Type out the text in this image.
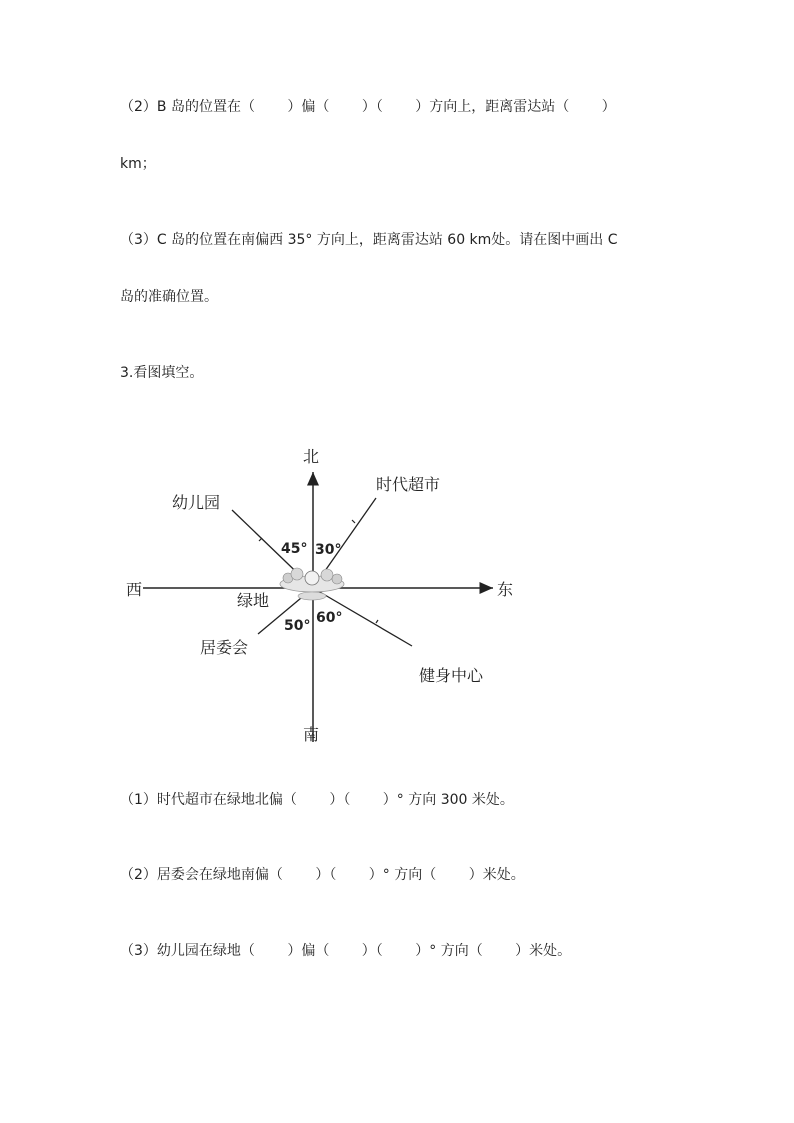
（2）B 岛的位置在（　　 ）偏（　　 ）（　　 ）方向上，距离雷达站（　　 ）
km；
（3）C 岛的位置在南偏西 35° 方向上，距离雷达站 60 km处。请在图中画出 C
岛的准确位置。
3.看图填空。
北
南
东
西
幼儿园
时代超市
绿地
居委会
健身中心
45° 30°
50° 60°
（1）时代超市在绿地北偏（　　 ）（　　 ）° 方向 300 米处。
（2）居委会在绿地南偏（　　 ）（　　 ）° 方向（　　 ）米处。
（3）幼儿园在绿地（　　 ）偏（　　 ）（　　 ）° 方向（　　 ）米处。
